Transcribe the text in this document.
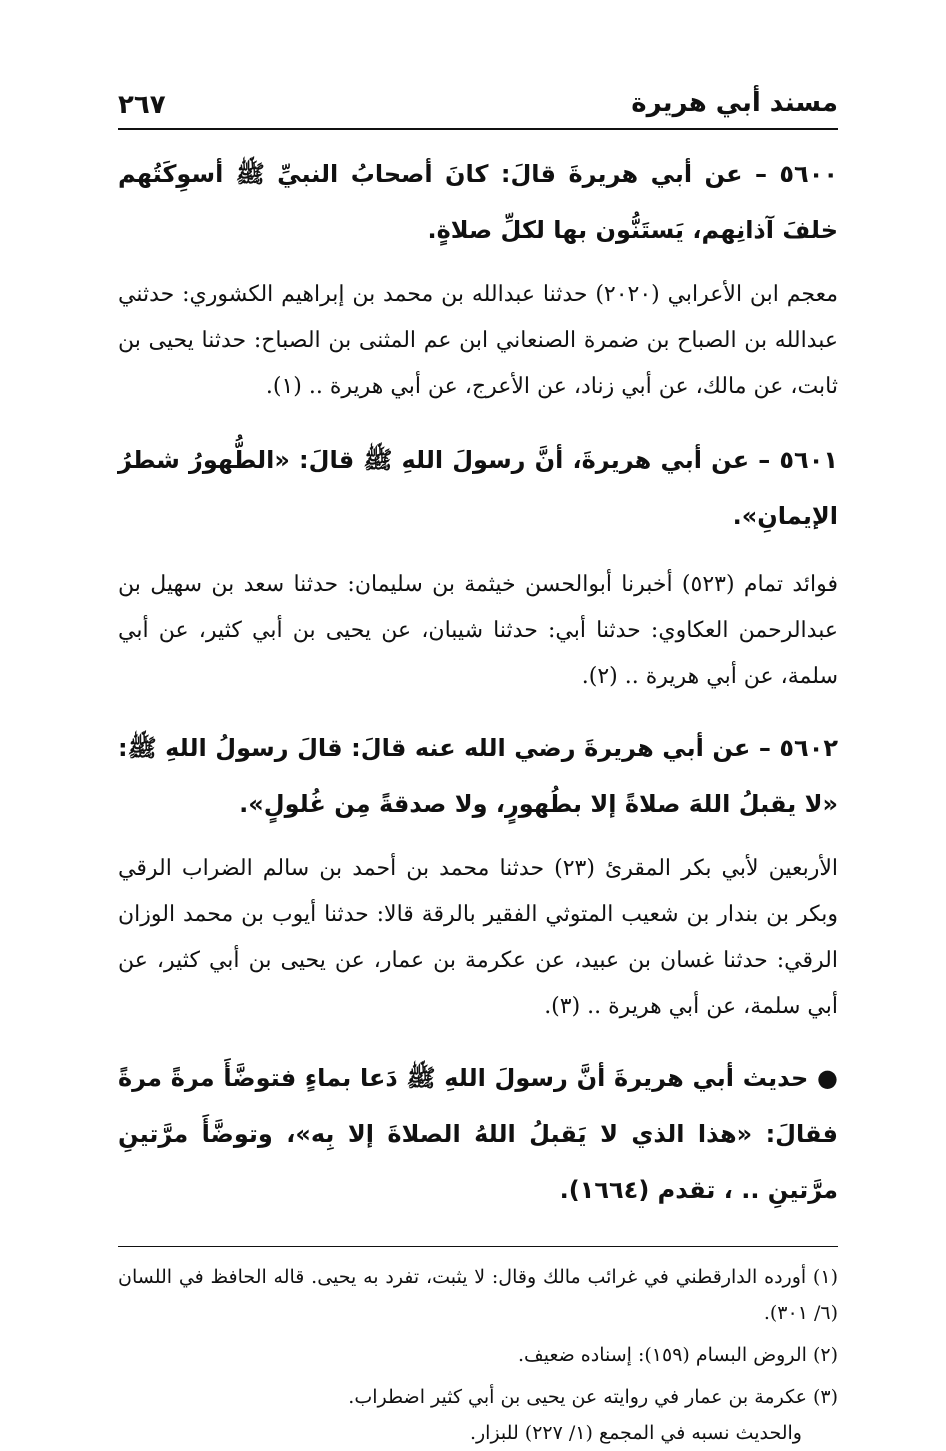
مسند أبي هريرة
٢٦٧

٥٦٠٠ – عن أبي هريرةَ قالَ: كانَ أصحابُ النبيِّ ﷺ أسوِكَتُهم خلفَ آذانِهم، يَستَنُّون بها لكلِّ صلاةٍ.

معجم ابن الأعرابي (٢٠٢٠) حدثنا عبدالله بن محمد بن إبراهيم الكشوري: حدثني عبدالله بن الصباح بن ضمرة الصنعاني ابن عم المثنى بن الصباح: حدثنا يحيى بن ثابت، عن مالك، عن أبي زناد، عن الأعرج، عن أبي هريرة .. (١).

٥٦٠١ – عن أبي هريرةَ، أنَّ رسولَ اللهِ ﷺ قالَ: «الطُّهورُ شطرُ الإيمانِ».

فوائد تمام (٥٢٣) أخبرنا أبوالحسن خيثمة بن سليمان: حدثنا سعد بن سهيل بن عبدالرحمن العكاوي: حدثنا أبي: حدثنا شيبان، عن يحيى بن أبي كثير، عن أبي سلمة، عن أبي هريرة .. (٢).

٥٦٠٢ – عن أبي هريرةَ رضي الله عنه قالَ: قالَ رسولُ اللهِ ﷺ: «لا يقبلُ اللهَ صلاةً إلا بطُهورٍ، ولا صدقةً مِن غُلولٍ».

الأربعين لأبي بكر المقرئ (٢٣) حدثنا محمد بن أحمد بن سالم الضراب الرقي وبكر بن بندار بن شعيب المتوثي الفقير بالرقة قالا: حدثنا أيوب بن محمد الوزان الرقي: حدثنا غسان بن عبيد، عن عكرمة بن عمار، عن يحيى بن أبي كثير، عن أبي سلمة، عن أبي هريرة .. (٣).

● حديث أبي هريرةَ أنَّ رسولَ اللهِ ﷺ دَعا بماءٍ فتوضَّأَ مرةً مرةً فقالَ: «هذا الذي لا يَقبلُ اللهُ الصلاةَ إلا بِه»، وتوضَّأَ مرَّتينِ مرَّتينِ .. ، تقدم (١٦٦٤).

(١) أورده الدارقطني في غرائب مالك وقال: لا يثبت، تفرد به يحيى. قاله الحافظ في اللسان (٦/ ٣٠١).

(٢) الروض البسام (١٥٩): إسناده ضعيف.

(٣) عكرمة بن عمار في روايته عن يحيى بن أبي كثير اضطراب.

والحديث نسبه في المجمع (١/ ٢٢٧) للبزار.
